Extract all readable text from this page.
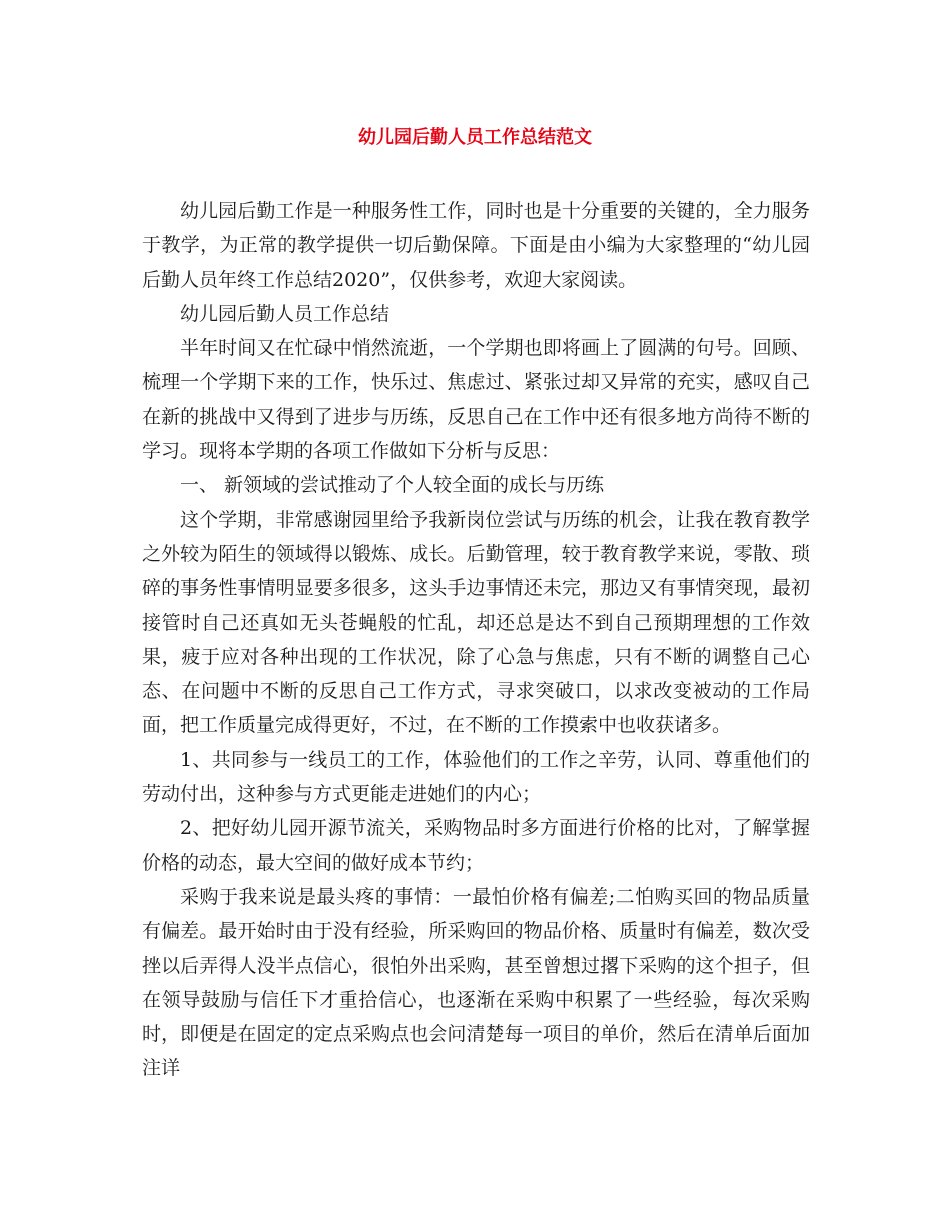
幼儿园后勤人员工作总结范文

幼儿园后勤工作是一种服务性工作，同时也是十分重要的关键的，全力服务于教学，为正常的教学提供一切后勤保障。下面是由小编为大家整理的“幼儿园后勤人员年终工作总结2020”，仅供参考，欢迎大家阅读。

幼儿园后勤人员工作总结

半年时间又在忙碌中悄然流逝，一个学期也即将画上了圆满的句号。回顾、梳理一个学期下来的工作，快乐过、焦虑过、紧张过却又异常的充实，感叹自己在新的挑战中又得到了进步与历练，反思自己在工作中还有很多地方尚待不断的学习。现将本学期的各项工作做如下分析与反思：

一、 新领域的尝试推动了个人较全面的成长与历练

这个学期，非常感谢园里给予我新岗位尝试与历练的机会，让我在教育教学之外较为陌生的领域得以锻炼、成长。后勤管理，较于教育教学来说，零散、琐碎的事务性事情明显要多很多，这头手边事情还未完，那边又有事情突现，最初接管时自己还真如无头苍蝇般的忙乱，却还总是达不到自己预期理想的工作效果，疲于应对各种出现的工作状况，除了心急与焦虑，只有不断的调整自己心态、在问题中不断的反思自己工作方式，寻求突破口，以求改变被动的工作局面，把工作质量完成得更好，不过，在不断的工作摸索中也收获诸多。

1、共同参与一线员工的工作，体验他们的工作之辛劳，认同、尊重他们的劳动付出，这种参与方式更能走进她们的内心；

2、把好幼儿园开源节流关，采购物品时多方面进行价格的比对，了解掌握价格的动态，最大空间的做好成本节约；

采购于我来说是最头疼的事情：一最怕价格有偏差;二怕购买回的物品质量有偏差。最开始时由于没有经验，所采购回的物品价格、质量时有偏差，数次受挫以后弄得人没半点信心，很怕外出采购，甚至曾想过撂下采购的这个担子，但在领导鼓励与信任下才重拾信心，也逐渐在采购中积累了一些经验，每次采购时，即便是在固定的定点采购点也会问清楚每一项目的单价，然后在清单后面加注详
